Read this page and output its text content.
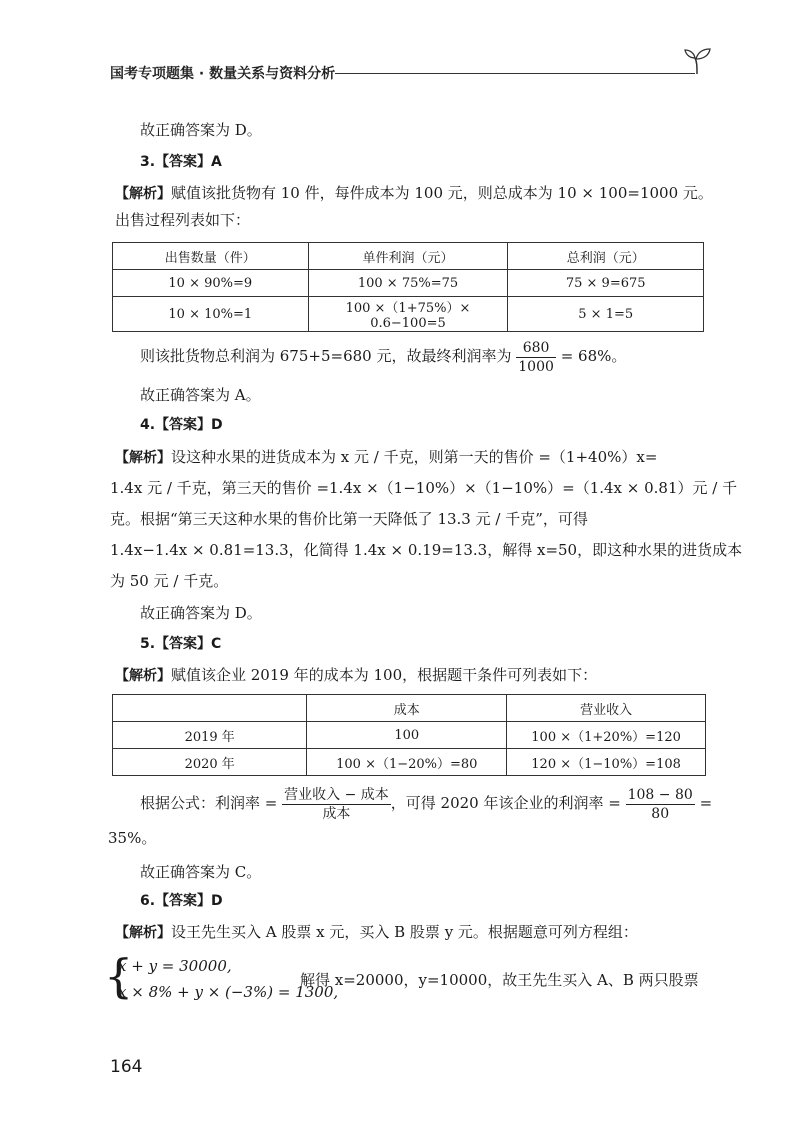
国考专项题集 · 数量关系与资料分析
故正确答案为 D。
3.【答案】A
【解析】赋值该批货物有 10 件，每件成本为 100 元，则总成本为 10 × 100=1000 元。
出售过程列表如下：
出售数量（件）	单件利润（元）	总利润（元）
10 × 90%=9	100 × 75%=75	75 × 9=675
10 × 10%=1	100 ×（1+75%）× 0.6−100=5	5 × 1=5
则该批货物总利润为 675+5=680 元，故最终利润率为 $\frac{680}{1000} = 68\%$。
故正确答案为 A。
4.【答案】D
【解析】设这种水果的进货成本为 x 元 / 千克，则第一天的售价 =（1+40%）x=
1.4x 元 / 千克，第三天的售价 =1.4x ×（1−10%）×（1−10%）=（1.4x × 0.81）元 / 千
克。根据“第三天这种水果的售价比第一天降低了 13.3 元 / 千克”，可得
1.4x−1.4x × 0.81=13.3，化简得 1.4x × 0.19=13.3，解得 x=50，即这种水果的进货成本
为 50 元 / 千克。
故正确答案为 D。
5.【答案】C
【解析】赋值该企业 2019 年的成本为 100，根据题干条件可列表如下：
	成本	营业收入
2019 年	100	100 ×（1+20%）=120
2020 年	100 ×（1−20%）=80	120 ×（1−10%）=108
根据公式：利润率 = $\frac{\text{营业收入 − 成本}}{\text{成本}}$ ，可得 2020 年该企业的利润率 = $\frac{108 - 80}{80}$ =
35%。
故正确答案为 C。
6.【答案】D
【解析】设王先生买入 A 股票 x 元，买入 B 股票 y 元。根据题意可列方程组：
{
x + y = 30000,
x × 8% + y × (−3%) = 1300,
解得 x=20000，y=10000，故王先生买入 A、B 两只股票
164
